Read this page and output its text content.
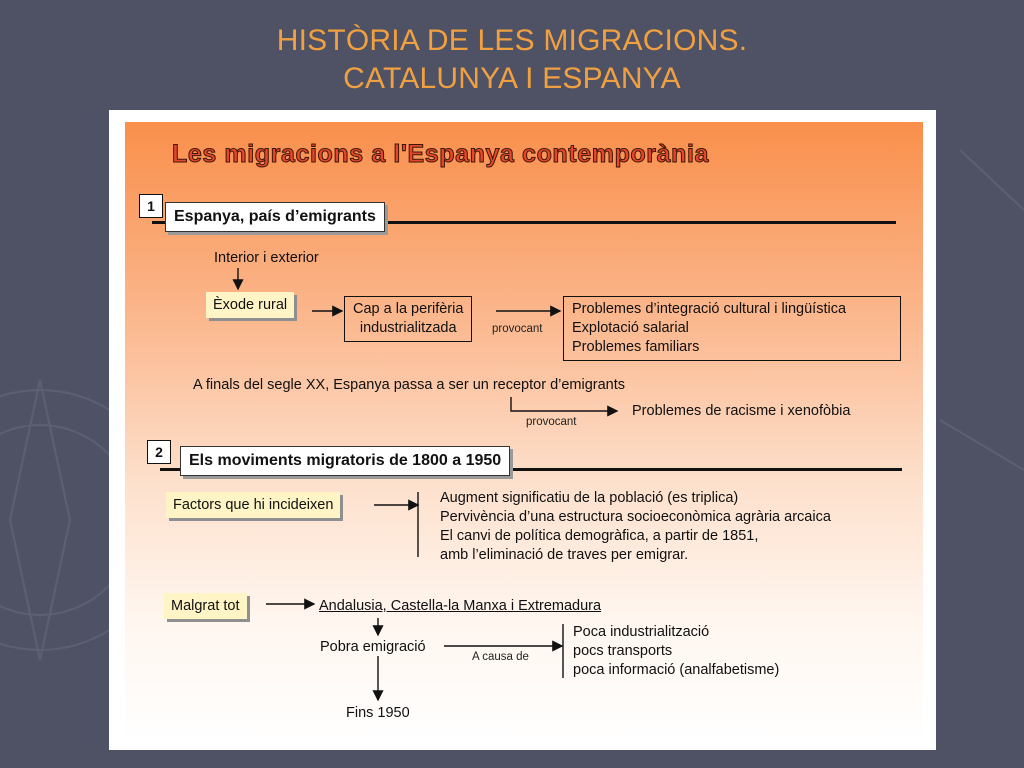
HISTÒRIA DE LES MIGRACIONS.
CATALUNYA I ESPANYA
Les migracions a l'Espanya contemporània
1
Espanya, país d’emigrants
Interior i exterior
Èxode rural	Cap a la perifèria
industrialitzada	provocant
Problemes d’integració cultural i lingüística
Explotació salarial
Problemes familiars
A finals del segle XX, Espanya passa a ser un receptor d’emigrants
provocant
Problemes de racisme i xenofòbia
2	Els moviments migratoris de 1800 a 1950
Factors que hi incideixen	Augment significatiu de la població (es triplica)
Pervivència d’una estructura socioeconòmica agrària arcaica
El canvi de política demogràfica, a partir de 1851,
amb l’eliminació de traves per emigrar.
Malgrat tot	Andalusia, Castella-la Manxa i Extremadura
Pobra emigració
A causa de
Poca industrialització
pocs transports
poca informació (analfabetisme)
Fins 1950
